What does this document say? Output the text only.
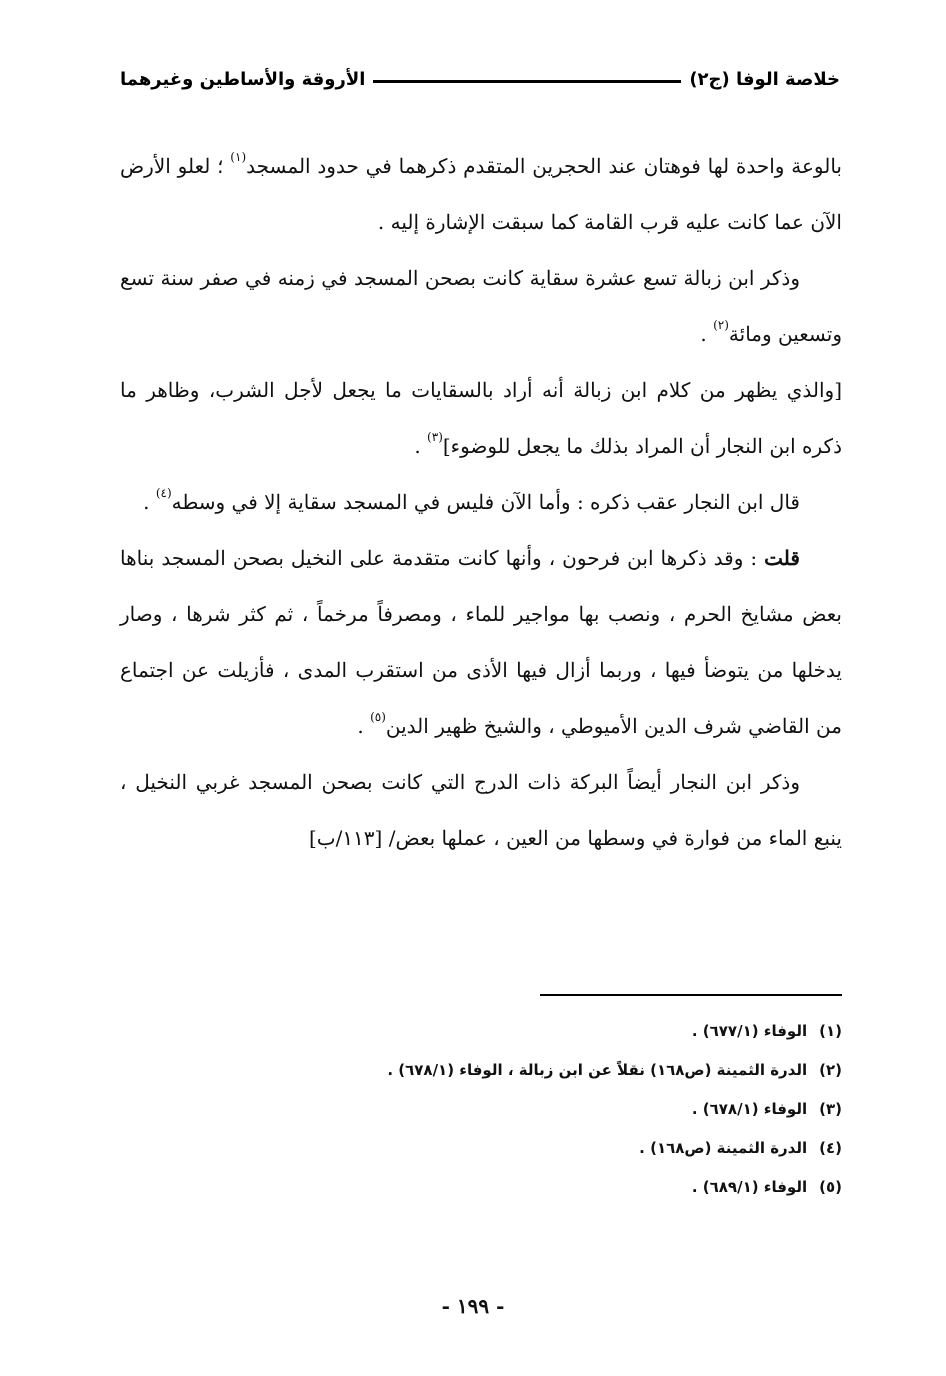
الأروقة والأساطين وغيرهما	خلاصة الوفا (ج٢)

بالوعة واحدة لها فوهتان عند الحجرين المتقدم ذكرهما في حدود المسجد$^{(١)}$ ؛ لعلو الأرض الآن عما كانت عليه قرب القامة كما سبقت الإشارة إليه .

وذكر ابن زبالة تسع عشرة سقاية كانت بصحن المسجد في زمنه في صفر سنة تسع وتسعين ومائة$^{(٢)}$ .

[والذي يظهر من كلام ابن زبالة أنه أراد بالسقايات ما يجعل لأجل الشرب، وظاهر ما ذكره ابن النجار أن المراد بذلك ما يجعل للوضوء]$^{(٣)}$ .

قال ابن النجار عقب ذكره : وأما الآن فليس في المسجد سقاية إلا في وسطه$^{(٤)}$ .

قلت : وقد ذكرها ابن فرحون ، وأنها كانت متقدمة على النخيل بصحن المسجد بناها بعض مشايخ الحرم ، ونصب بها مواجير للماء ، ومصرفاً مرخماً ، ثم كثر شرها ، وصار يدخلها من يتوضأ فيها ، وربما أزال فيها الأذى من استقرب المدى ، فأزيلت عن اجتماع من القاضي شرف الدين الأميوطي ، والشيخ ظهير الدين$^{(٥)}$ .

وذكر ابن النجار أيضاً البركة ذات الدرج التي كانت بصحن المسجد غربي النخيل ، ينبع الماء من فوارة في وسطها من العين ، عملها بعض/ [١١٣/ب]

(١)الوفاء (٦٧٧/١) .
(٢)الدرة الثمينة (ص١٦٨) نقلاً عن ابن زبالة ، الوفاء (٦٧٨/١) .
(٣)الوفاء (٦٧٨/١) .
(٤)الدرة الثمينة (ص١٦٨) .
(٥)الوفاء (٦٨٩/١) .
- ١٩٩ -
